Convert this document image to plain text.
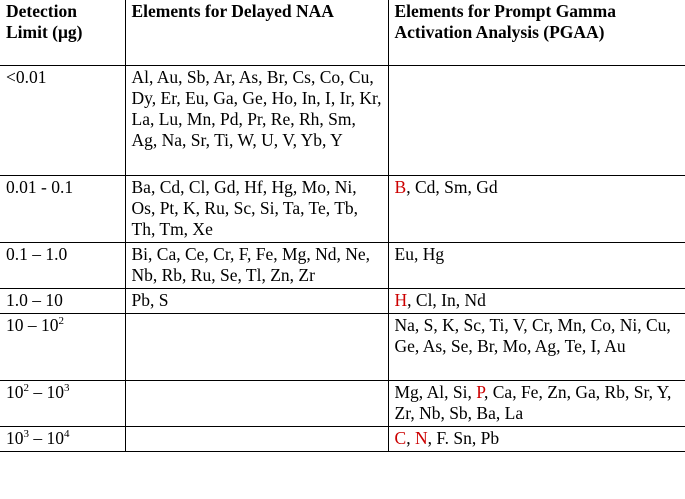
Detection Limit (μg)	Elements for Delayed NAA	Elements for Prompt Gamma Activation Analysis (PGAA)
<0.01	Al, Au, Sb, Ar, As, Br, Cs, Co, Cu, Dy, Er, Eu, Ga, Ge, Ho, In, I, Ir, Kr, La, Lu, Mn, Pd, Pr, Re, Rh, Sm, Ag, Na, Sr, Ti, W, U, V, Yb, Y	
0.01 - 0.1	Ba, Cd, Cl, Gd, Hf, Hg, Mo, Ni, Os, Pt, K, Ru, Sc, Si, Ta, Te, Tb, Th, Tm, Xe	B, Cd, Sm, Gd
0.1 – 1.0	Bi, Ca, Ce, Cr, F, Fe, Mg, Nd, Ne, Nb, Rb, Ru, Se, Tl, Zn, Zr	Eu, Hg
1.0 – 10	Pb, S	H, Cl, In, Nd
$10 - 10^2$		Na, S, K, Sc, Ti, V, Cr, Mn, Co, Ni, Cu, Ge, As, Se, Br, Mo, Ag, Te, I, Au
$10^2 - 10^3$		Mg, Al, Si, P, Ca, Fe, Zn, Ga, Rb, Sr, Y, Zr, Nb, Sb, Ba, La
$10^3 - 10^4$		C, N, F. Sn, Pb
